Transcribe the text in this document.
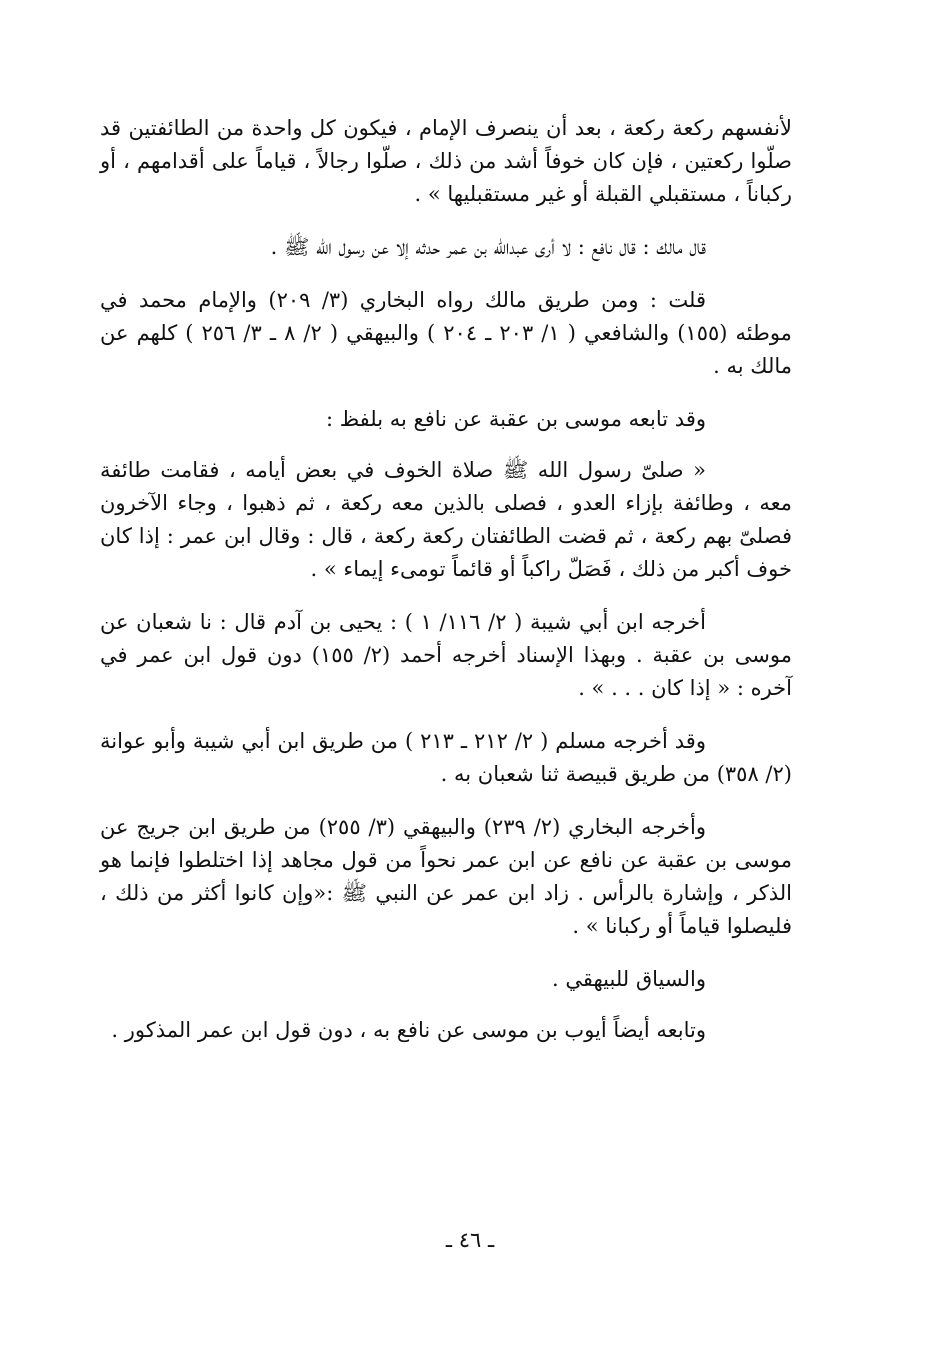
لأنفسهم ركعة ركعة ، بعد أن ينصرف الإمام ، فيكون كل واحدة من الطائفتين قد صلّوا ركعتين ، فإن كان خوفاً أشد من ذلك ، صلّوا رجالاً ، قياماً على أقدامهم ، أو ركباناً ، مستقبلي القبلة أو غير مستقبليها » .

قال مالك : قال نافع : لا أرى عبدالله بن عمر حدثه إلا عن رسول الله ﷺ .

قلت : ومن طريق مالك رواه البخاري (٣/ ٢٠٩) والإمام محمد في موطئه (١٥٥) والشافعي ( ١/ ٢٠٣ ـ ٢٠٤ ) والبيهقي ( ٢/ ٨ ـ ٣/ ٢٥٦ ) كلهم عن مالك به .

وقد تابعه موسى بن عقبة عن نافع به بلفظ :

« صلىّ رسول الله ﷺ صلاة الخوف في بعض أيامه ، فقامت طائفة معه ، وطائفة بإزاء العدو ، فصلى بالذين معه ركعة ، ثم ذهبوا ، وجاء الآخرون فصلىّ بهم ركعة ، ثم قضت الطائفتان ركعة ركعة ، قال : وقال ابن عمر : إذا كان خوف أكبر من ذلك ، فَصَلّ راكباً أو قائماً تومىء إيماء » .

أخرجه ابن أبي شيبة ( ٢/ ١١٦/ ١ ) : يحيى بن آدم قال : نا شعبان عن موسى بن عقبة . وبهذا الإسناد أخرجه أحمد (٢/ ١٥٥) دون قول ابن عمر في آخره : « إذا كان . . . » .

وقد أخرجه مسلم ( ٢/ ٢١٢ ـ ٢١٣ ) من طريق ابن أبي شيبة وأبو عوانة (٢/ ٣٥٨) من طريق قبيصة ثنا شعبان به .

وأخرجه البخاري (٢/ ٢٣٩) والبيهقي (٣/ ٢٥٥) من طريق ابن جريج عن موسى بن عقبة عن نافع عن ابن عمر نحواً من قول مجاهد إذا اختلطوا فإنما هو الذكر ، وإشارة بالرأس . زاد ابن عمر عن النبي ﷺ :«وإن كانوا أكثر من ذلك ، فليصلوا قياماً أو ركبانا » .

والسياق للبيهقي .

وتابعه أيضاً أيوب بن موسى عن نافع به ، دون قول ابن عمر المذكور .

ـ ٤٦ ـ
